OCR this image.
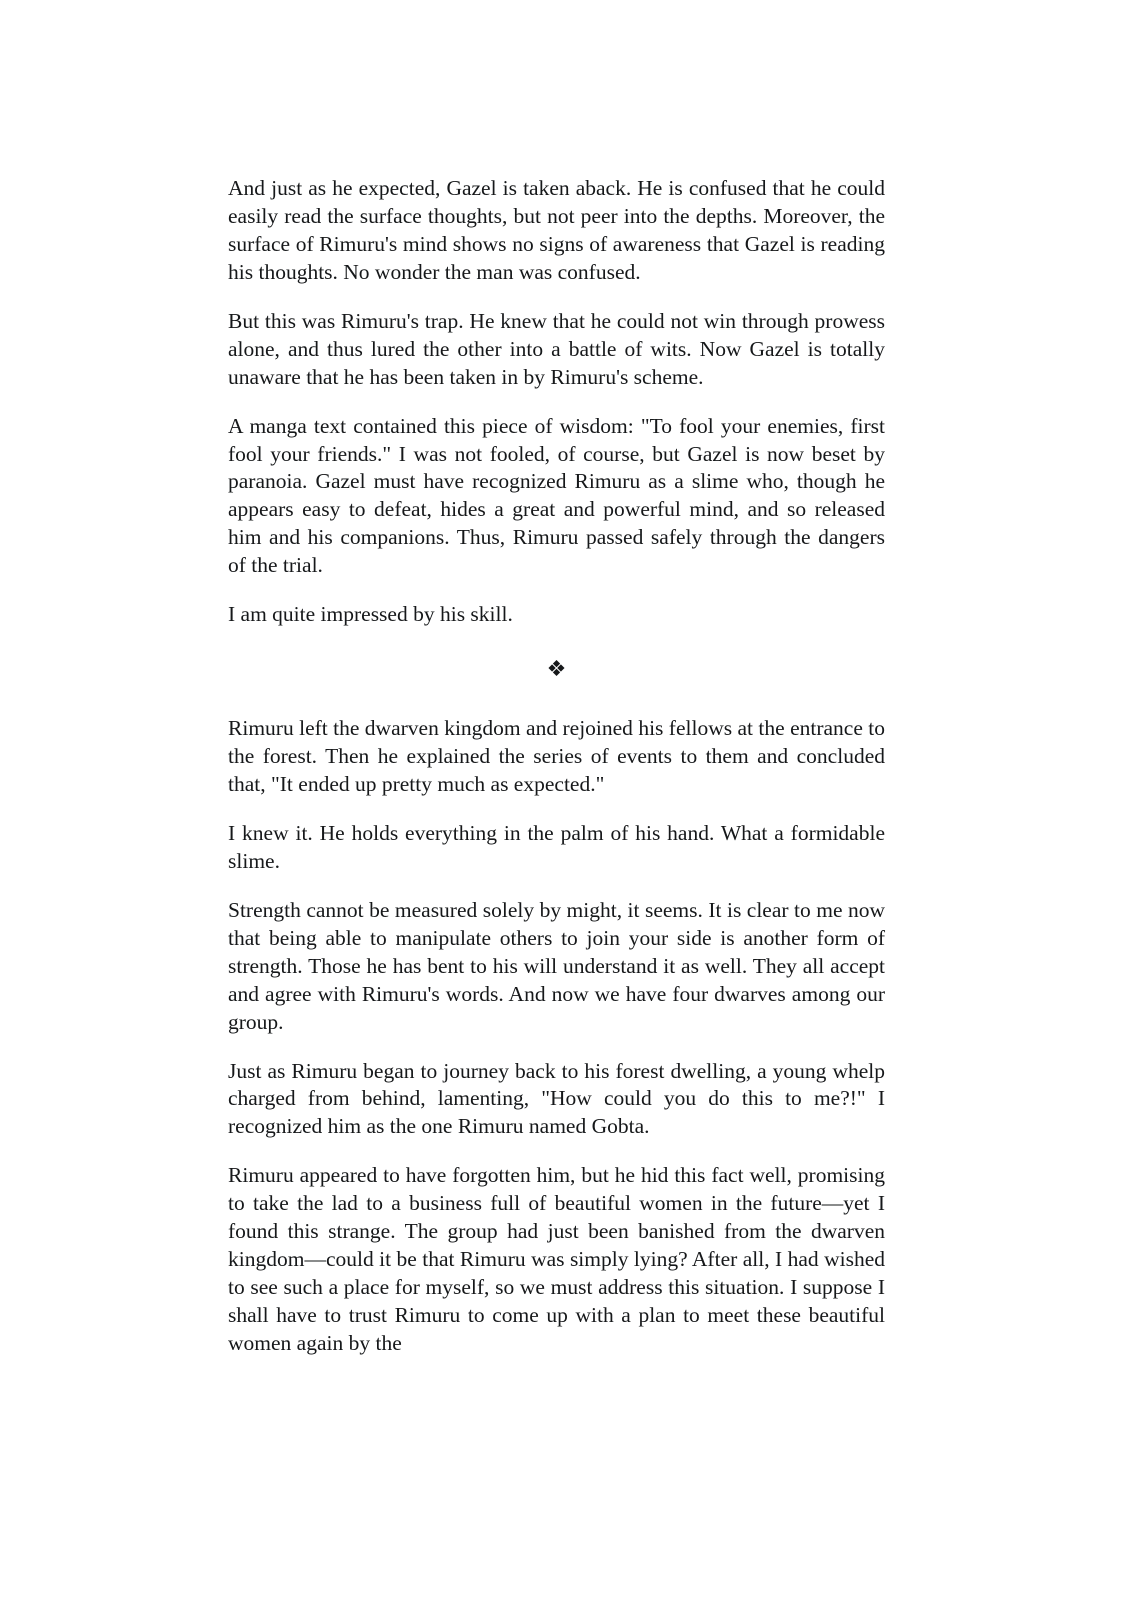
And just as he expected, Gazel is taken aback. He is confused that he could easily read the surface thoughts, but not peer into the depths. Moreover, the surface of Rimuru's mind shows no signs of awareness that Gazel is reading his thoughts. No wonder the man was confused.

But this was Rimuru's trap. He knew that he could not win through prowess alone, and thus lured the other into a battle of wits. Now Gazel is totally unaware that he has been taken in by Rimuru's scheme.

A manga text contained this piece of wisdom: "To fool your enemies, first fool your friends." I was not fooled, of course, but Gazel is now beset by paranoia. Gazel must have recognized Rimuru as a slime who, though he appears easy to defeat, hides a great and powerful mind, and so released him and his companions. Thus, Rimuru passed safely through the dangers of the trial.

I am quite impressed by his skill.

❖

Rimuru left the dwarven kingdom and rejoined his fellows at the entrance to the forest. Then he explained the series of events to them and concluded that, "It ended up pretty much as expected."

I knew it. He holds everything in the palm of his hand. What a formidable slime.

Strength cannot be measured solely by might, it seems. It is clear to me now that being able to manipulate others to join your side is another form of strength. Those he has bent to his will understand it as well. They all accept and agree with Rimuru's words. And now we have four dwarves among our group.

Just as Rimuru began to journey back to his forest dwelling, a young whelp charged from behind, lamenting, "How could you do this to me?!" I recognized him as the one Rimuru named Gobta.

Rimuru appeared to have forgotten him, but he hid this fact well, promising to take the lad to a business full of beautiful women in the future—yet I found this strange. The group had just been banished from the dwarven kingdom—could it be that Rimuru was simply lying? After all, I had wished to see such a place for myself, so we must address this situation. I suppose I shall have to trust Rimuru to come up with a plan to meet these beautiful women again by the
